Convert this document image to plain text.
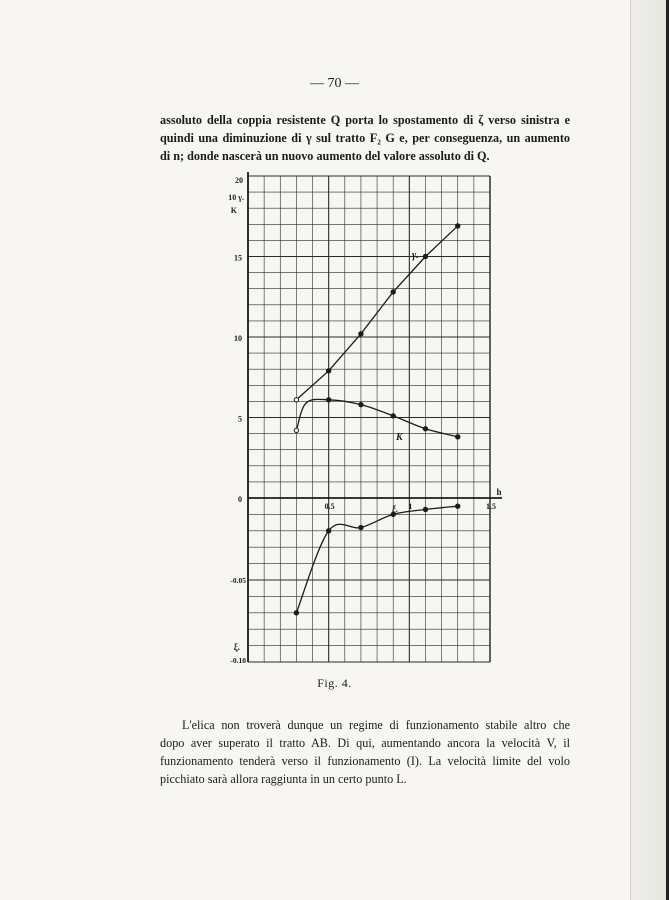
— 70 —
assoluto della coppia resistente Q porta lo spostamento di ζ verso sinistra e
quindi una diminuzione di γ sul tratto F₂ G e, per conseguenza, un aumento
di n; donde nascerà un nuovo aumento del valore assoluto di Q.
20
10 γ.
K
15
10
5
0
-0.05
ξ.
-0.10
0.5	1	1.5
h
γ.
K
ξ.
Fig. 4.
L'elica non troverà dunque un regime di funzionamento stabile altro che
dopo aver superato il tratto AB. Di qui, aumentando ancora la velocità V, il
funzionamento tenderà verso il funzionamento (I). La velocità limite del volo
picchiato sarà allora raggiunta in un certo punto L.
